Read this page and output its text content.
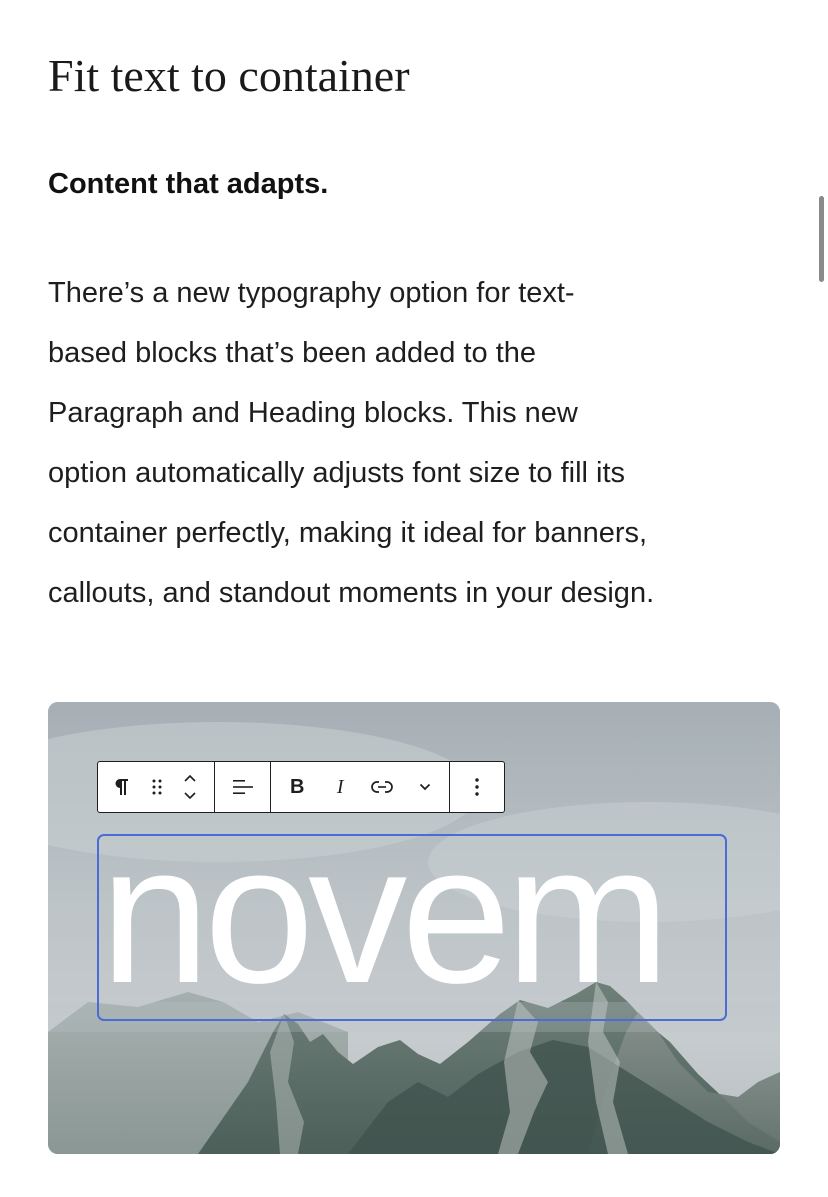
Fit text to container

Content that adapts.

There’s a new typography option for text-
based blocks that’s been added to the
Paragraph and Heading blocks. This new
option automatically adjusts font size to fill its
container perfectly, making it ideal for banners,
callouts, and standout moments in your design.

B	I
novem
